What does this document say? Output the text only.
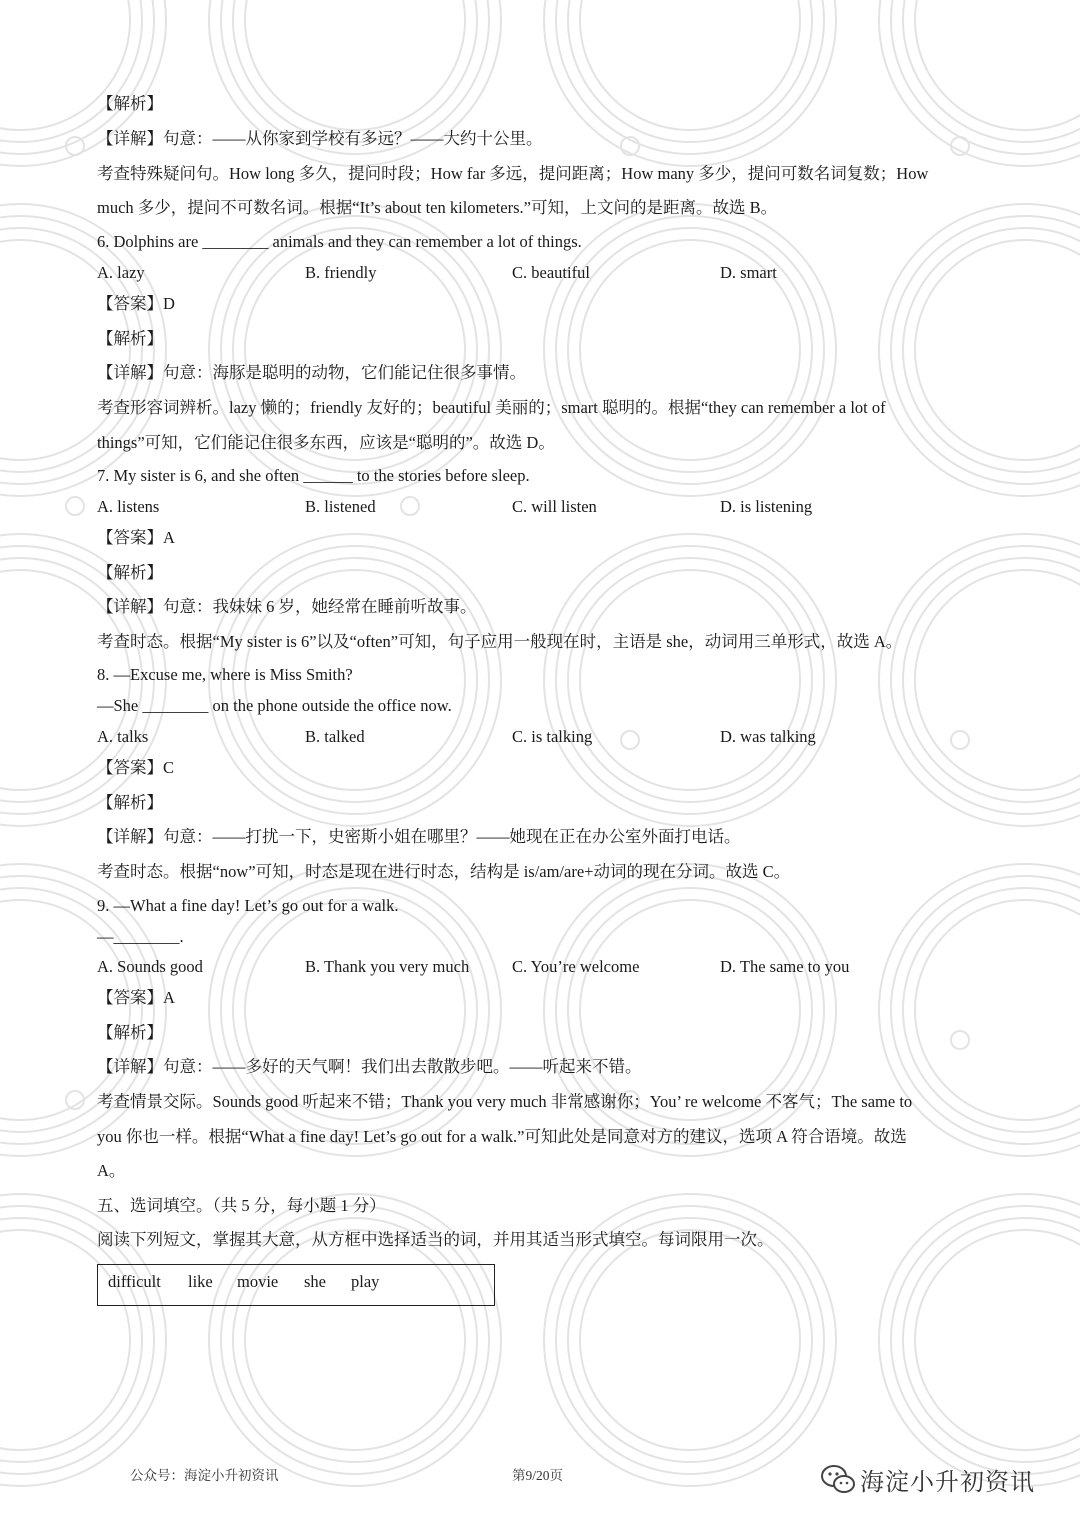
【解析】
【详解】句意：——从你家到学校有多远？——大约十公里。
考查特殊疑问句。How long 多久，提问时段；How far 多远，提问距离；How many 多少，提问可数名词复数；How
much 多少，提问不可数名词。根据“It’s about ten kilometers.”可知，上文问的是距离。故选 B。
6. Dolphins are ________ animals and they can remember a lot of things.
A. lazy	B. friendly	C. beautiful	D. smart
【答案】D
【解析】
【详解】句意：海豚是聪明的动物，它们能记住很多事情。
考查形容词辨析。lazy 懒的；friendly 友好的；beautiful 美丽的；smart 聪明的。根据“they can remember a lot of
things”可知，它们能记住很多东西，应该是“聪明的”。故选 D。
7. My sister is 6, and she often ______ to the stories before sleep.
A. listens	B. listened	C. will listen	D. is listening
【答案】A
【解析】
【详解】句意：我妹妹 6 岁，她经常在睡前听故事。
考查时态。根据“My sister is 6”以及“often”可知，句子应用一般现在时，主语是 she，动词用三单形式，故选 A。
8. —Excuse me, where is Miss Smith?
—She ________ on the phone outside the office now.
A. talks	B. talked	C. is talking	D. was talking
【答案】C
【解析】
【详解】句意：——打扰一下，史密斯小姐在哪里？——她现在正在办公室外面打电话。
考查时态。根据“now”可知，时态是现在进行时态，结构是 is/am/are+动词的现在分词。故选 C。
9. —What a fine day! Let’s go out for a walk.
—________.
A. Sounds good	B. Thank you very much	C. You’re welcome	D. The same to you
【答案】A
【解析】
【详解】句意：——多好的天气啊！我们出去散散步吧。——听起来不错。
考查情景交际。Sounds good 听起来不错；Thank you very much 非常感谢你；You’ re welcome 不客气；The same to
you 你也一样。根据“What a fine day! Let’s go out for a walk.”可知此处是同意对方的建议，选项 A 符合语境。故选
A。
五、选词填空。（共 5 分，每小题 1 分）
阅读下列短文，掌握其大意，从方框中选择适当的词，并用其适当形式填空。每词限用一次。
difficult like movie she play
公众号：海淀小升初资讯	第9/20页	海淀小升初资讯
